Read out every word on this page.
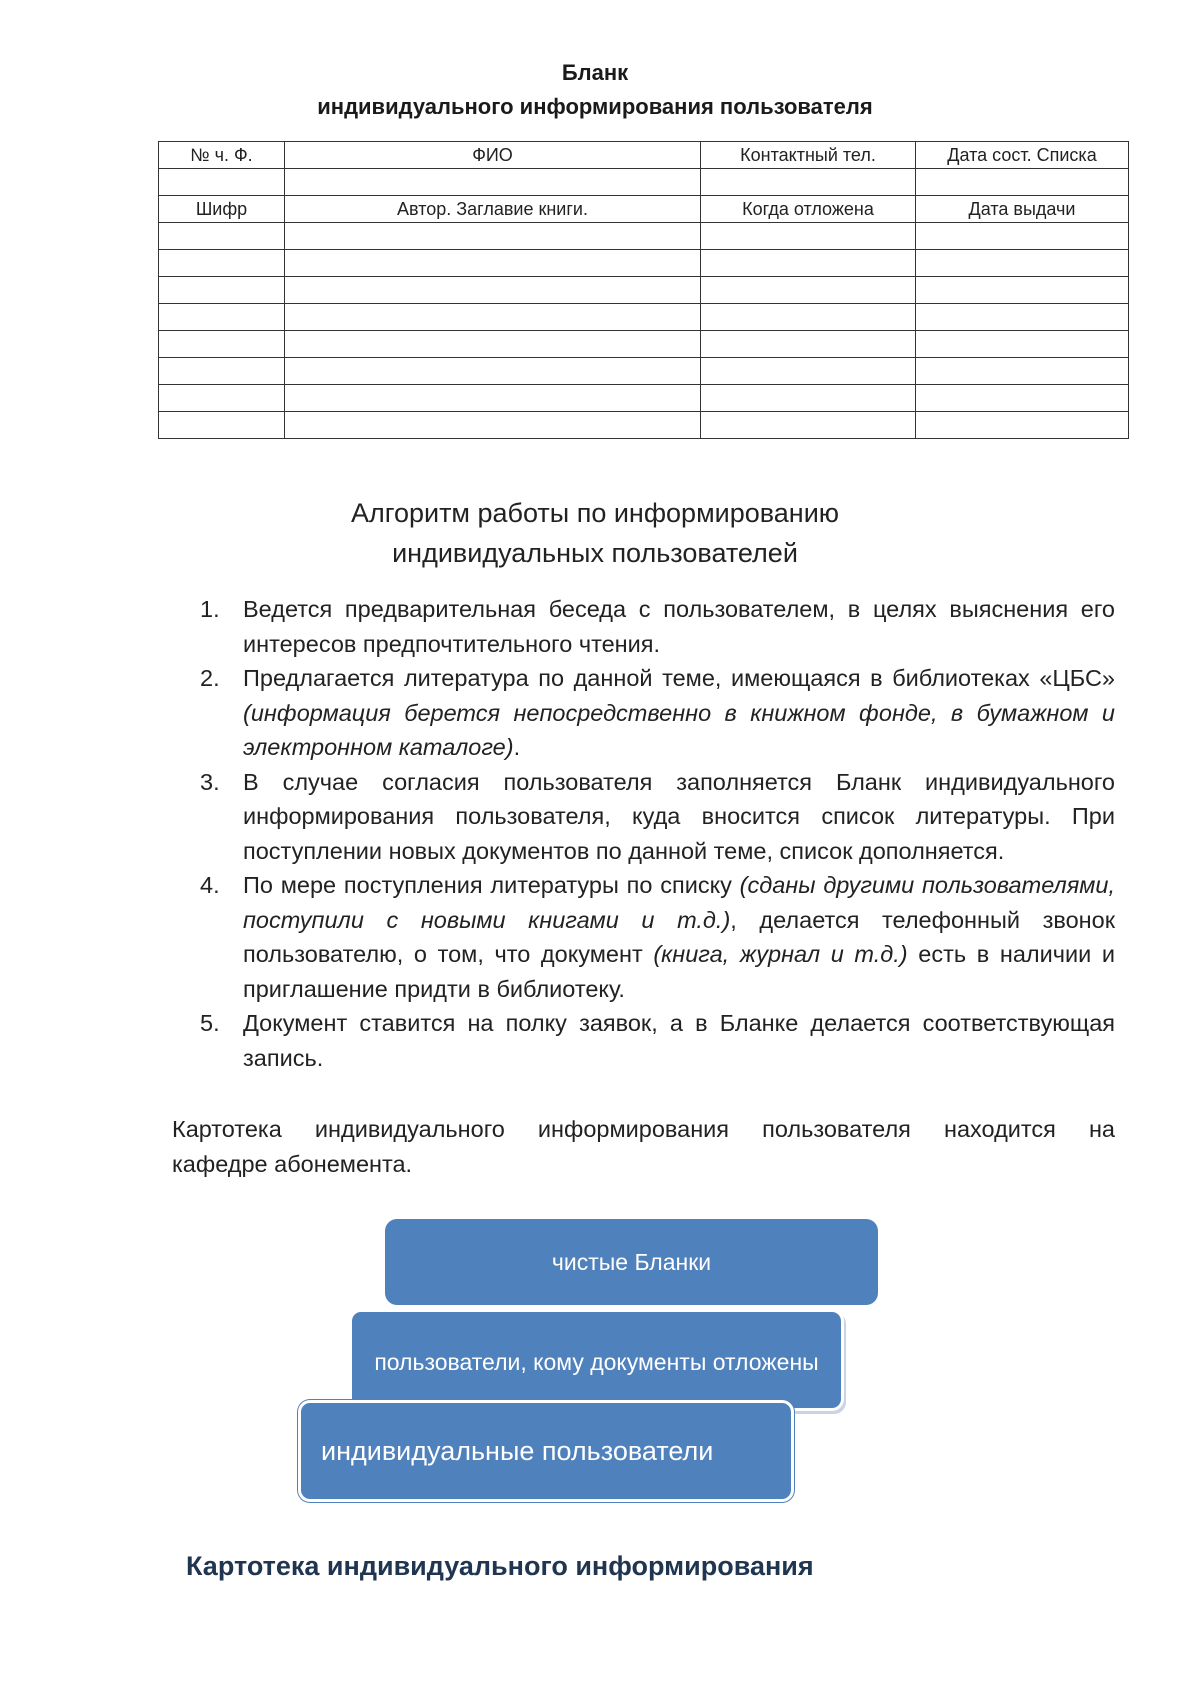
Бланк
индивидуального информирования пользователя
№ ч. Ф.	ФИО	Контактный тел.	Дата сост. Списка

Шифр	Автор. Заглавие книги.	Когда отложена	Дата выдачи

Алгоритм работы по информированию
индивидуальных пользователей
1. Ведется предварительная беседа с пользователем, в целях выяснения его интересов предпочтительного чтения.
2. Предлагается литература по данной теме, имеющаяся в библиотеках «ЦБС» (информация берется непосредственно в книжном фонде, в бумажном и электронном каталоге).
3. В случае согласия пользователя заполняется Бланк индивидуального информирования пользователя, куда вносится список литературы. При поступлении новых документов по данной теме, список дополняется.
4. По мере поступления литературы по списку (сданы другими пользователями, поступили с новыми книгами и т.д.), делается телефонный звонок пользователю, о том, что документ (книга, журнал и т.д.) есть в наличии и приглашение придти в библиотеку.
5. Документ ставится на полку заявок, а в Бланке делается соответствующая запись.
Картотека индивидуального информирования пользователя находится на
кафедре абонемента.
чистые Бланки
пользователи, кому документы отложены
индивидуальные пользователи
Картотека индивидуального информирования
